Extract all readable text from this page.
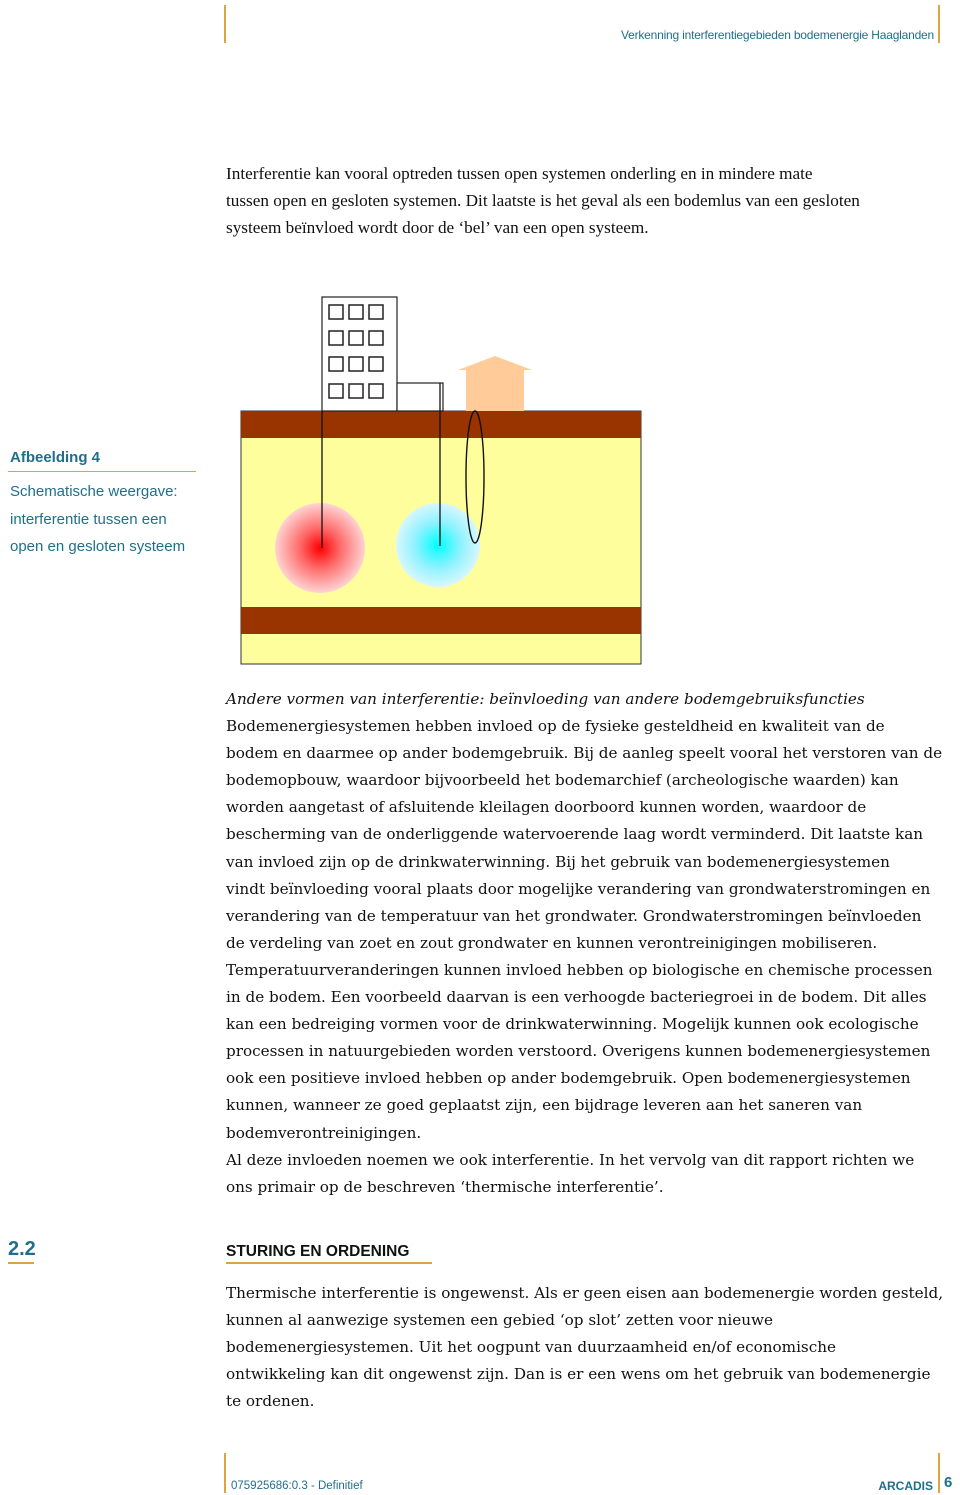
Verkenning interferentiegebieden bodemenergie Haaglanden
Interferentie kan vooral optreden tussen open systemen onderling en in mindere mate
tussen open en gesloten systemen. Dit laatste is het geval als een bodemlus van een gesloten
systeem beïnvloed wordt door de ‘bel’ van een open systeem.
Afbeelding 4
Schematische weergave:
interferentie tussen een
open en gesloten systeem
Andere vormen van interferentie: beïnvloeding van andere bodemgebruiksfuncties
Bodemenergiesystemen hebben invloed op de fysieke gesteldheid en kwaliteit van de
bodem en daarmee op ander bodemgebruik. Bij de aanleg speelt vooral het verstoren van de
bodemopbouw, waardoor bijvoorbeeld het bodemarchief (archeologische waarden) kan
worden aangetast of afsluitende kleilagen doorboord kunnen worden, waardoor de
bescherming van de onderliggende watervoerende laag wordt verminderd. Dit laatste kan
van invloed zijn op de drinkwaterwinning. Bij het gebruik van bodemenergiesystemen
vindt beïnvloeding vooral plaats door mogelijke verandering van grondwaterstromingen en
verandering van de temperatuur van het grondwater. Grondwaterstromingen beïnvloeden
de verdeling van zoet en zout grondwater en kunnen verontreinigingen mobiliseren.
Temperatuurveranderingen kunnen invloed hebben op biologische en chemische processen
in de bodem. Een voorbeeld daarvan is een verhoogde bacteriegroei in de bodem. Dit alles
kan een bedreiging vormen voor de drinkwaterwinning. Mogelijk kunnen ook ecologische
processen in natuurgebieden worden verstoord. Overigens kunnen bodemenergiesystemen
ook een positieve invloed hebben op ander bodemgebruik. Open bodemenergiesystemen
kunnen, wanneer ze goed geplaatst zijn, een bijdrage leveren aan het saneren van
bodemverontreinigingen.
Al deze invloeden noemen we ook interferentie. In het vervolg van dit rapport richten we
ons primair op de beschreven ‘thermische interferentie’.
2.2	STURING EN ORDENING
Thermische interferentie is ongewenst. Als er geen eisen aan bodemenergie worden gesteld,
kunnen al aanwezige systemen een gebied ‘op slot’ zetten voor nieuwe
bodemenergiesystemen. Uit het oogpunt van duurzaamheid en/of economische
ontwikkeling kan dit ongewenst zijn. Dan is er een wens om het gebruik van bodemenergie
te ordenen.
075925686:0.3 - Definitief	ARCADIS 6
